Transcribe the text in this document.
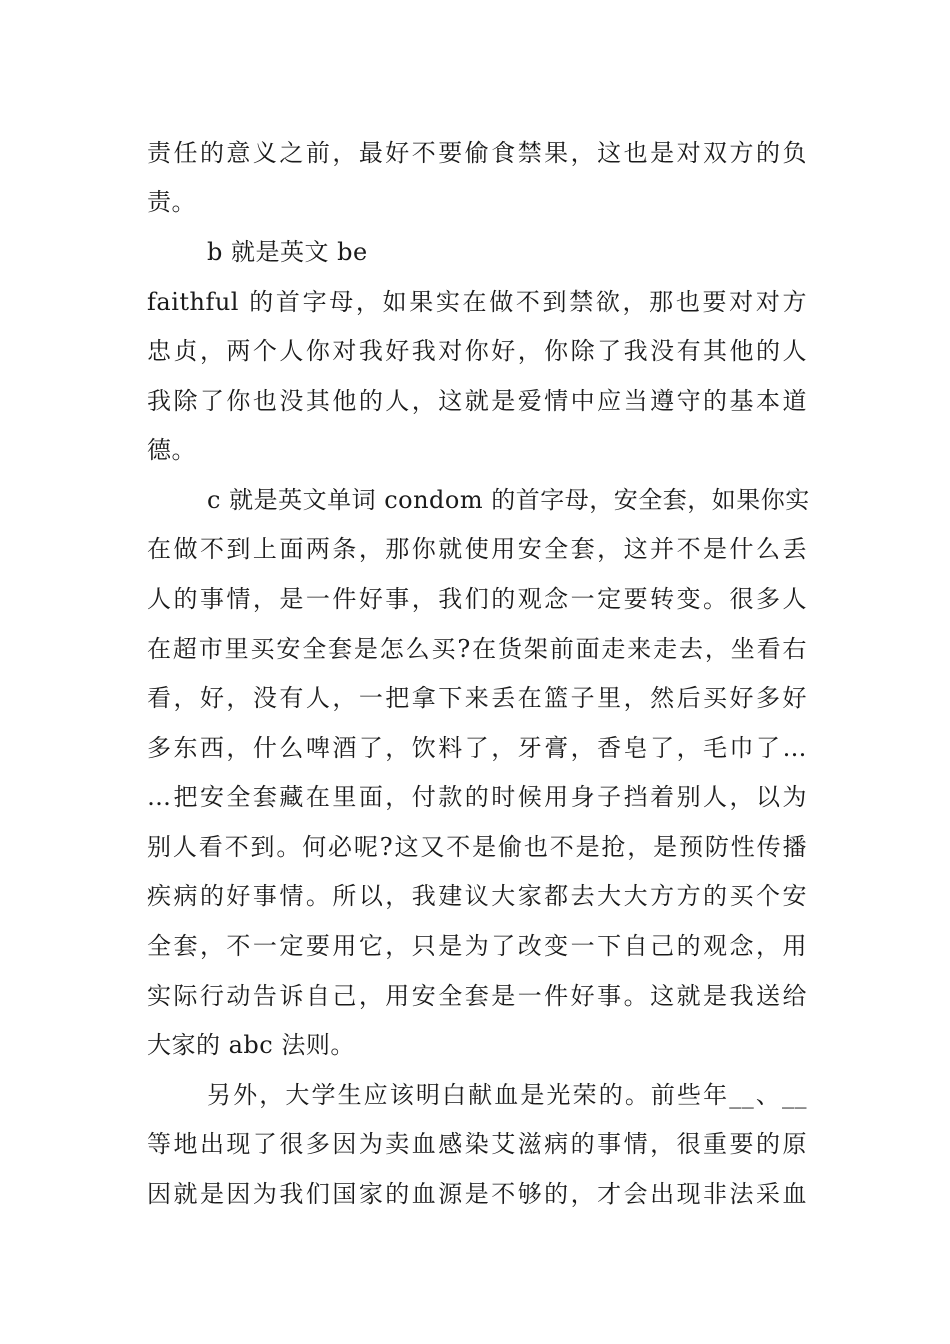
责任的意义之前，最好不要偷食禁果，这也是对双方的负
责。
b 就是英文 be
faithful 的首字母，如果实在做不到禁欲，那也要对对方
忠贞，两个人你对我好我对你好，你除了我没有其他的人
我除了你也没其他的人，这就是爱情中应当遵守的基本道
德。
c 就是英文单词 condom 的首字母，安全套，如果你实
在做不到上面两条，那你就使用安全套，这并不是什么丢
人的事情，是一件好事，我们的观念一定要转变。很多人
在超市里买安全套是怎么买?在货架前面走来走去，坐看右
看，好，没有人，一把拿下来丢在篮子里，然后买好多好
多东西，什么啤酒了，饮料了，牙膏，香皂了，毛巾了…
…把安全套藏在里面，付款的时候用身子挡着别人，以为
别人看不到。何必呢?这又不是偷也不是抢，是预防性传播
疾病的好事情。所以，我建议大家都去大大方方的买个安
全套，不一定要用它，只是为了改变一下自己的观念，用
实际行动告诉自己，用安全套是一件好事。这就是我送给
大家的 abc 法则。
另外，大学生应该明白献血是光荣的。前些年__、__
等地出现了很多因为卖血感染艾滋病的事情，很重要的原
因就是因为我们国家的血源是不够的，才会出现非法采血
